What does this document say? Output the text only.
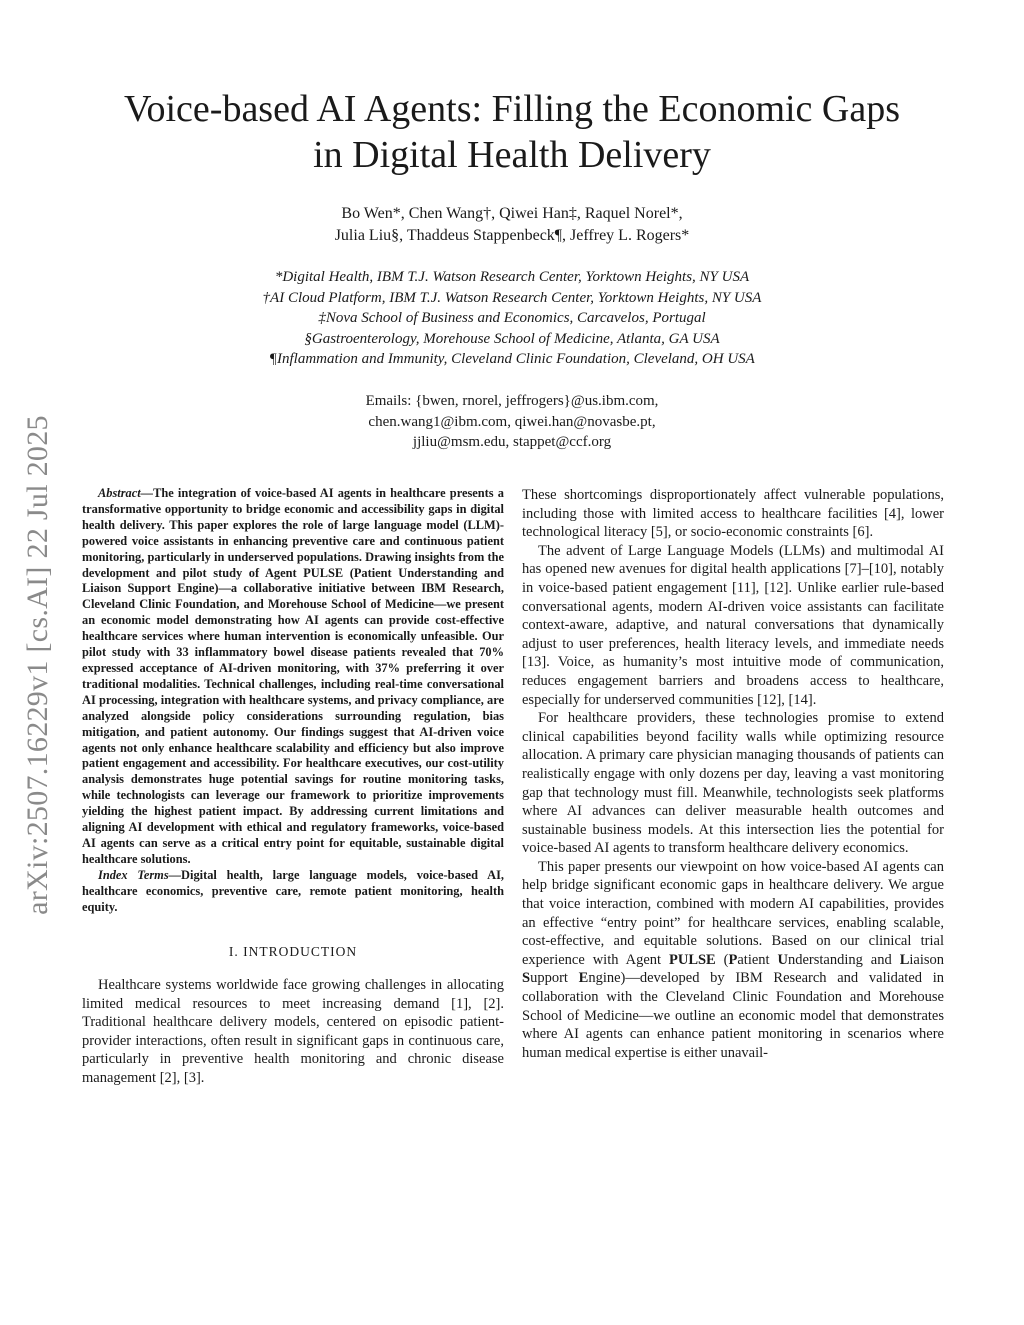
arXiv:2507.16229v1 [cs.AI] 22 Jul 2025
Voice-based AI Agents: Filling the Economic Gaps
in Digital Health Delivery
Bo Wen*, Chen Wang†, Qiwei Han‡, Raquel Norel*,
Julia Liu§, Thaddeus Stappenbeck¶, Jeffrey L. Rogers*
*Digital Health, IBM T.J. Watson Research Center, Yorktown Heights, NY USA
†AI Cloud Platform, IBM T.J. Watson Research Center, Yorktown Heights, NY USA
‡Nova School of Business and Economics, Carcavelos, Portugal
§Gastroenterology, Morehouse School of Medicine, Atlanta, GA USA
¶Inflammation and Immunity, Cleveland Clinic Foundation, Cleveland, OH USA
Emails: {bwen, rnorel, jeffrogers}@us.ibm.com,
chen.wang1@ibm.com, qiwei.han@novasbe.pt,
jjliu@msm.edu, stappet@ccf.org

Abstract—The integration of voice-based AI agents in healthcare presents a transformative opportunity to bridge economic and accessibility gaps in digital health delivery. This paper explores the role of large language model (LLM)-powered voice assistants in enhancing preventive care and continuous patient monitoring, particularly in underserved populations. Drawing insights from the development and pilot study of Agent PULSE (Patient Understanding and Liaison Support Engine)—a collaborative initiative between IBM Research, Cleveland Clinic Foundation, and Morehouse School of Medicine—we present an economic model demonstrating how AI agents can provide cost-effective healthcare services where human intervention is economically unfeasible. Our pilot study with 33 inflammatory bowel disease patients revealed that 70% expressed acceptance of AI-driven monitoring, with 37% preferring it over traditional modalities. Technical challenges, including real-time conversational AI processing, integration with healthcare systems, and privacy compliance, are analyzed alongside policy considerations surrounding regulation, bias mitigation, and patient autonomy. Our findings suggest that AI-driven voice agents not only enhance healthcare scalability and efficiency but also improve patient engagement and accessibility. For healthcare executives, our cost-utility analysis demonstrates huge potential savings for routine monitoring tasks, while technologists can leverage our framework to prioritize improvements yielding the highest patient impact. By addressing current limitations and aligning AI development with ethical and regulatory frameworks, voice-based AI agents can serve as a critical entry point for equitable, sustainable digital healthcare solutions.

Index Terms—Digital health, large language models, voice-based AI, healthcare economics, preventive care, remote patient monitoring, health equity.

I. INTRODUCTION

Healthcare systems worldwide face growing challenges in allocating limited medical resources to meet increasing demand [1], [2]. Traditional healthcare delivery models, centered on episodic patient-provider interactions, often result in significant gaps in continuous care, particularly in preventive health monitoring and chronic disease management [2], [3].

These shortcomings disproportionately affect vulnerable populations, including those with limited access to healthcare facilities [4], lower technological literacy [5], or socio-economic constraints [6].

The advent of Large Language Models (LLMs) and multimodal AI has opened new avenues for digital health applications [7]–[10], notably in voice-based patient engagement [11], [12]. Unlike earlier rule-based conversational agents, modern AI-driven voice assistants can facilitate context-aware, adaptive, and natural conversations that dynamically adjust to user preferences, health literacy levels, and immediate needs [13]. Voice, as humanity’s most intuitive mode of communication, reduces engagement barriers and broadens access to healthcare, especially for underserved communities [12], [14].

For healthcare providers, these technologies promise to extend clinical capabilities beyond facility walls while optimizing resource allocation. A primary care physician managing thousands of patients can realistically engage with only dozens per day, leaving a vast monitoring gap that technology must fill. Meanwhile, technologists seek platforms where AI advances can deliver measurable health outcomes and sustainable business models. At this intersection lies the potential for voice-based AI agents to transform healthcare delivery economics.

This paper presents our viewpoint on how voice-based AI agents can help bridge significant economic gaps in healthcare delivery. We argue that voice interaction, combined with modern AI capabilities, provides an effective “entry point” for healthcare services, enabling scalable, cost-effective, and equitable solutions. Based on our clinical trial experience with Agent PULSE (Patient Understanding and Liaison Support Engine)—developed by IBM Research and validated in collaboration with the Cleveland Clinic Foundation and Morehouse School of Medicine—we outline an economic model that demonstrates where AI agents can enhance patient monitoring in scenarios where human medical expertise is either unavail-
